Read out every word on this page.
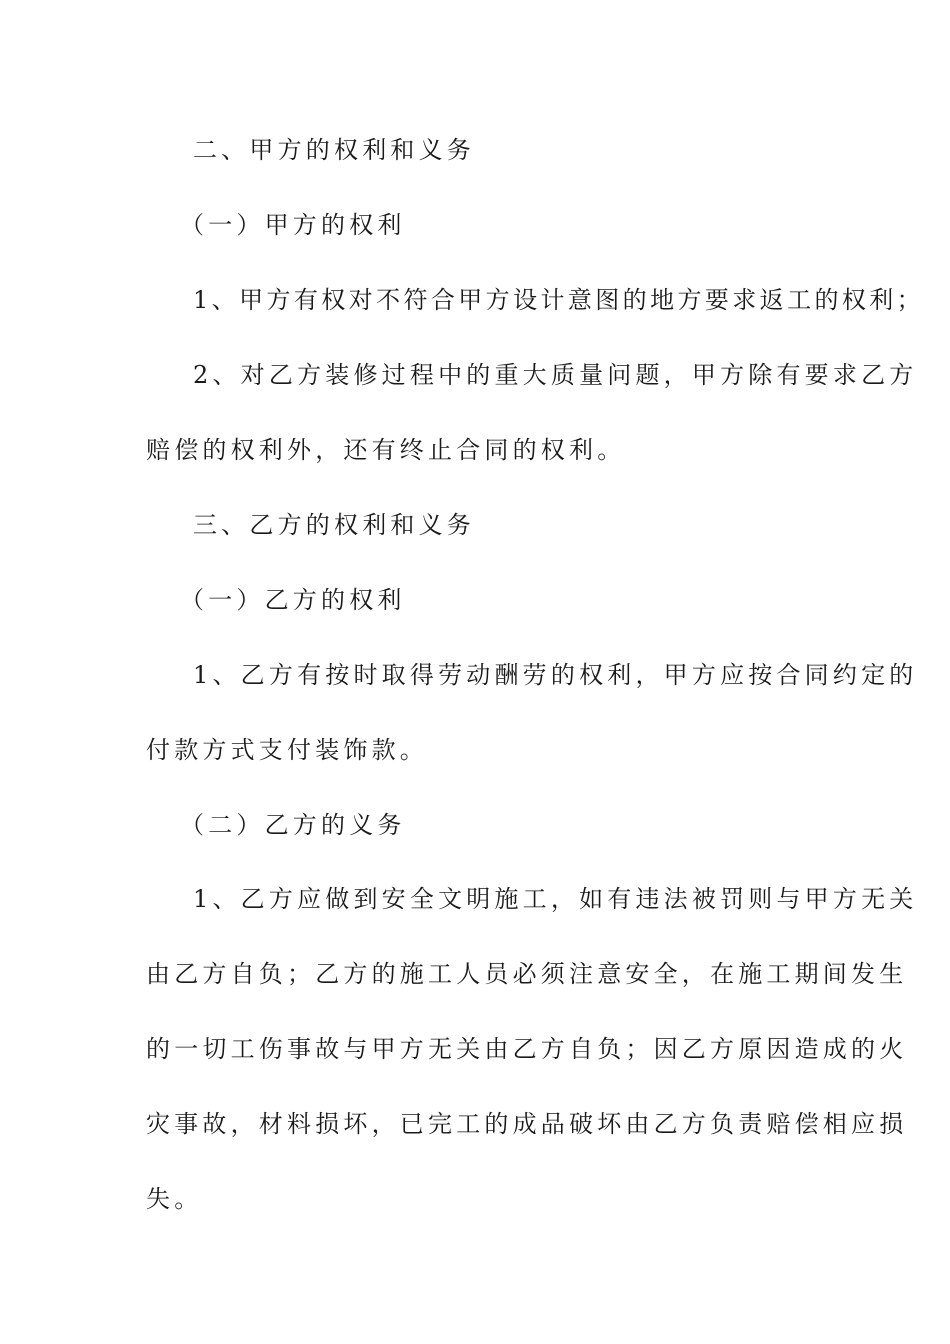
二、甲方的权利和义务
（一）甲方的权利
1、甲方有权对不符合甲方设计意图的地方要求返工的权利；
2、对乙方装修过程中的重大质量问题，甲方除有要求乙方
赔偿的权利外，还有终止合同的权利。
三、乙方的权利和义务
（一）乙方的权利
1、乙方有按时取得劳动酬劳的权利，甲方应按合同约定的
付款方式支付装饰款。
（二）乙方的义务
1、乙方应做到安全文明施工，如有违法被罚则与甲方无关
由乙方自负；乙方的施工人员必须注意安全，在施工期间发生
的一切工伤事故与甲方无关由乙方自负；因乙方原因造成的火
灾事故，材料损坏，已完工的成品破坏由乙方负责赔偿相应损
失。
